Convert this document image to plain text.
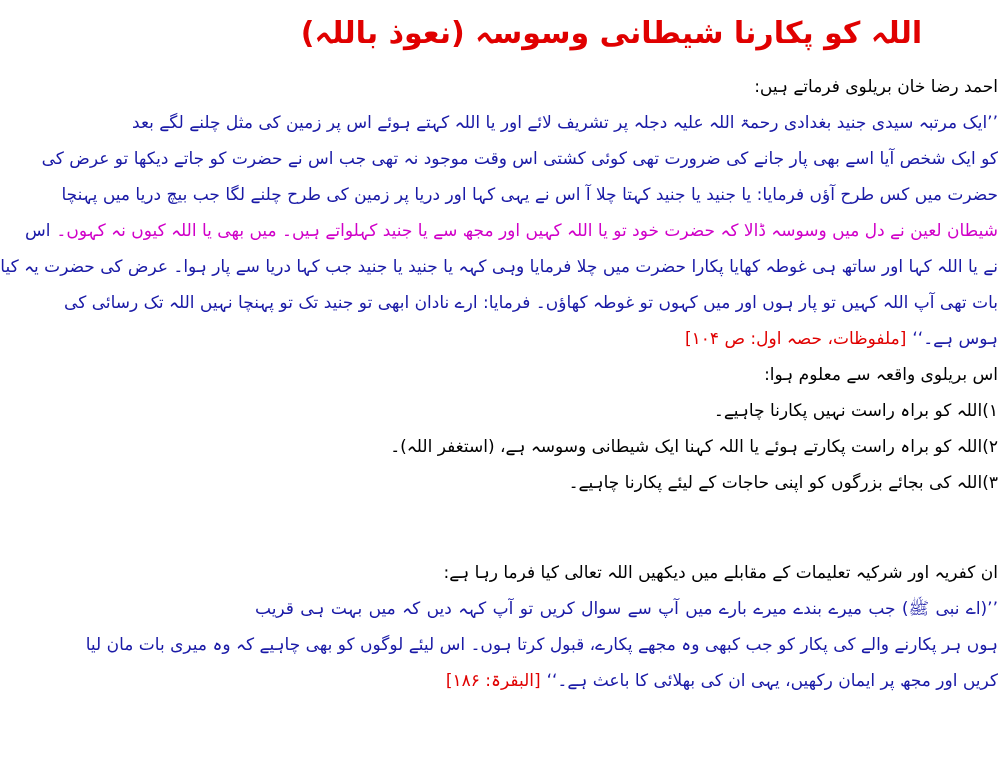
اللہ کو پکارنا شیطانی وسوسہ (نعوذ باللہ)
احمد رضا خان بریلوی فرماتے ہیں:
’’ایک مرتبہ سیدی جنید بغدادی رحمۃ اللہ علیہ دجلہ پر تشریف لائے اور یا اللہ کہتے ہوئے اس پر زمین کی مثل چلنے لگے بعد
کو ایک شخص آیا اسے بھی پار جانے کی ضرورت تھی کوئی کشتی اس وقت موجود نہ تھی جب اس نے حضرت کو جاتے دیکھا تو عرض کی
حضرت میں کس طرح آؤں فرمایا: یا جنید یا جنید کہتا چلا آ اس نے یہی کہا اور دریا پر زمین کی طرح چلنے لگا جب بیچ دریا میں پہنچا
شیطان لعین نے دل میں وسوسہ ڈالا کہ حضرت خود تو یا اللہ کہیں اور مجھ سے یا جنید کہلواتے ہیں۔ میں بھی یا اللہ کیوں نہ کہوں۔اس
نے یا اللہ کہا اور ساتھ ہی غوطہ کھایا پکارا حضرت میں چلا فرمایا وہی کہہ یا جنید یا جنید جب کہا دریا سے پار ہوا۔ عرض کی حضرت یہ کیا
بات تھی آپ اللہ کہیں تو پار ہوں اور میں کہوں تو غوطہ کھاؤں۔ فرمایا: ارے نادان ابھی تو جنید تک تو پہنچا نہیں اللہ تک رسائی کی
ہوس ہے۔‘‘[ملفوظات، حصہ اول: ص ۱۰۴]
اس بریلوی واقعہ سے معلوم ہوا:
۱)اللہ کو براہ راست نہیں پکارنا چاہیے۔
۲)اللہ کو براہ راست پکارتے ہوئے یا اللہ کہنا ایک شیطانی وسوسہ ہے، (استغفر اللہ)۔
۳)اللہ کی بجائے بزرگوں کو اپنی حاجات کے لیئے پکارنا چاہیے۔
ان کفریہ اور شرکیہ تعلیمات کے مقابلے میں دیکھیں اللہ تعالی کیا فرما رہا ہے:
’’(اے نبی ﷺ) جب میرے بندے میرے بارے میں آپ سے سوال کریں تو آپ کہہ دیں کہ میں بہت ہی قریب
ہوں ہر پکارنے والے کی پکار کو جب کبھی وہ مجھے پکارے، قبول کرتا ہوں۔ اس لیئے لوگوں کو بھی چاہیے کہ وہ میری بات مان لیا
کریں اور مجھ پر ایمان رکھیں، یہی ان کی بھلائی کا باعث ہے۔‘‘[البقرۃ: ۱۸۶]
